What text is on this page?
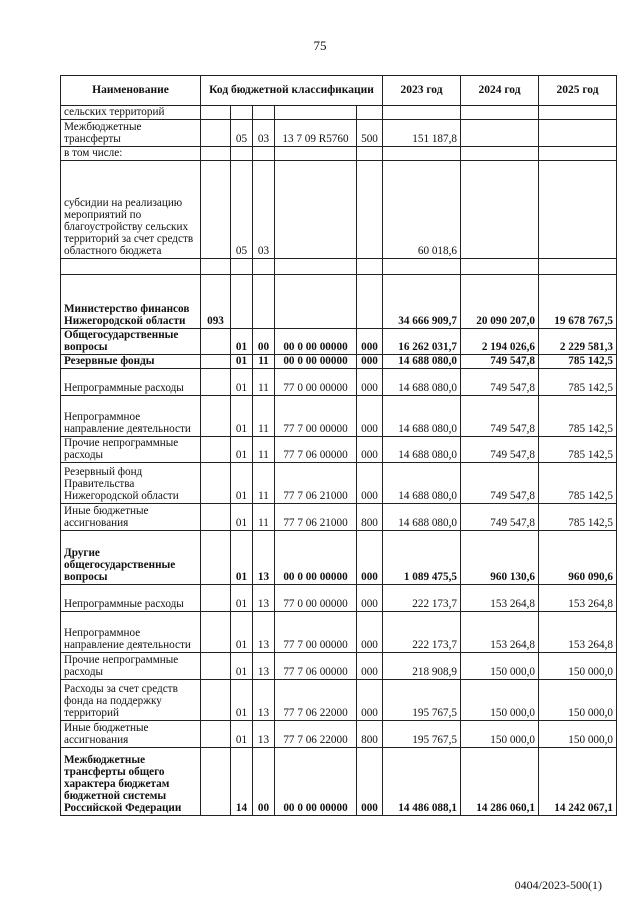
75
Наименование	Код бюджетной классификации					2023 год	2024 год	2025 год
сельских территорий								
Межбюджетные трансферты		05	03	13 7 09 R5760	500	151 187,8		
в том числе:								
субсидии на реализацию мероприятий по благоустройству сельских территорий за счет средств областного бюджета		05	03			60 018,6		

Министерство финансов Нижегородской области	093					34 666 909,7	20 090 207,0	19 678 767,5
Общегосударственные вопросы		01	00	00 0 00 00000	000	16 262 031,7	2 194 026,6	2 229 581,3
Резервные фонды		01	11	00 0 00 00000	000	14 688 080,0	749 547,8	785 142,5
Непрограммные расходы		01	11	77 0 00 00000	000	14 688 080,0	749 547,8	785 142,5
Непрограммное направление деятельности		01	11	77 7 00 00000	000	14 688 080,0	749 547,8	785 142,5
Прочие непрограммные расходы		01	11	77 7 06 00000	000	14 688 080,0	749 547,8	785 142,5
Резервный фонд Правительства Нижегородской области		01	11	77 7 06 21000	000	14 688 080,0	749 547,8	785 142,5
Иные бюджетные ассигнования		01	11	77 7 06 21000	800	14 688 080,0	749 547,8	785 142,5
Другие общегосударственные вопросы		01	13	00 0 00 00000	000	1 089 475,5	960 130,6	960 090,6
Непрограммные расходы		01	13	77 0 00 00000	000	222 173,7	153 264,8	153 264,8
Непрограммное направление деятельности		01	13	77 7 00 00000	000	222 173,7	153 264,8	153 264,8
Прочие непрограммные расходы		01	13	77 7 06 00000	000	218 908,9	150 000,0	150 000,0
Расходы за счет средств фонда на поддержку территорий		01	13	77 7 06 22000	000	195 767,5	150 000,0	150 000,0
Иные бюджетные ассигнования		01	13	77 7 06 22000	800	195 767,5	150 000,0	150 000,0
Межбюджетные трансферты общего характера бюджетам бюджетной системы Российской Федерации		14	00	00 0 00 00000	000	14 486 088,1	14 286 060,1	14 242 067,1
0404/2023-500(1)
